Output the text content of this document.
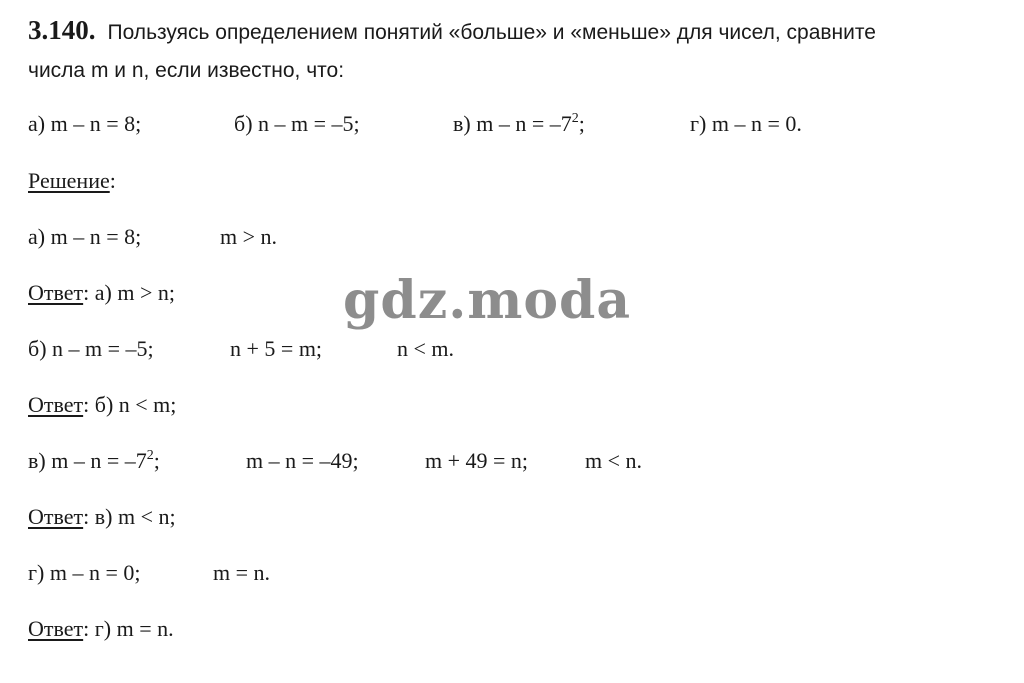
3.140. Пользуясь определением понятий «больше» и «меньше» для чисел, сравните
числа m и n, если известно, что:
а) m – n = 8;	б) n – m = –5;	в) $m - n = -7^2$;	г) m – n = 0.
Решение:
а) m – n = 8;	m > n.
Ответ: а) m > n;
б) n – m = –5;	n + 5 = m;	n < m.
Ответ: б) n < m;
в) $m - n = -7^2$;	m – n = –49;	m + 49 = n;	m < n.
Ответ: в) m < n;
г) m – n = 0;	m = n.
Ответ: г) m = n.
gdz.moda
